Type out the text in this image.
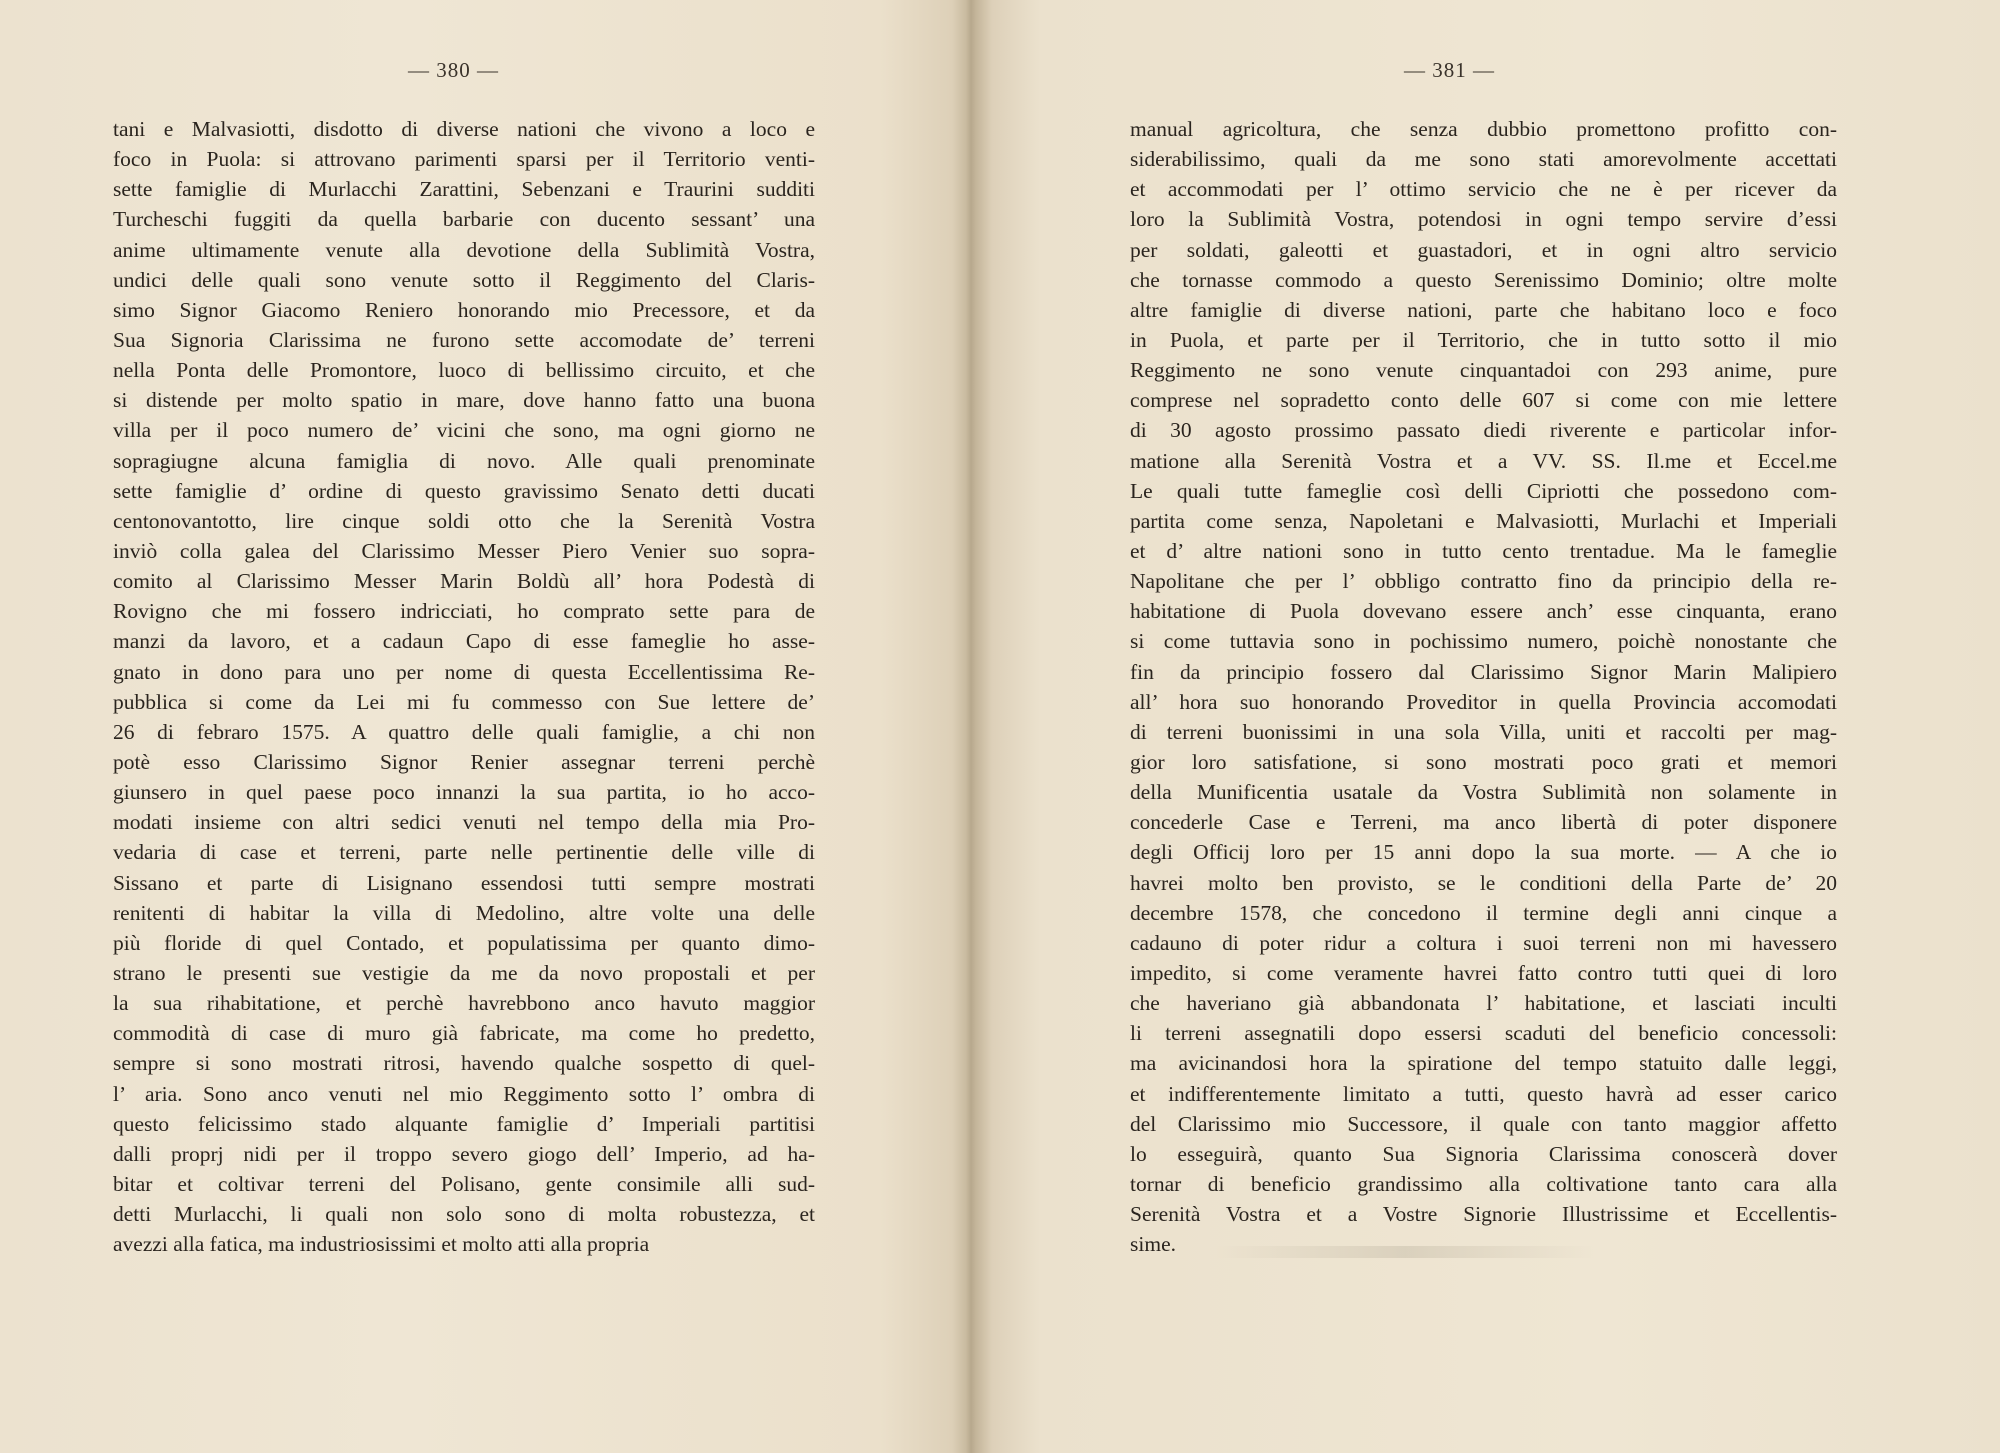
— 380 —
tani e Malvasiotti, disdotto di diverse nationi che vivono a loco e
foco in Puola: si attrovano parimenti sparsi per il Territorio venti-
sette famiglie di Murlacchi Zarattini, Sebenzani e Traurini sudditi
Turcheschi fuggiti da quella barbarie con ducento sessant’ una
anime ultimamente venute alla devotione della Sublimità Vostra,
undici delle quali sono venute sotto il Reggimento del Claris-
simo Signor Giacomo Reniero honorando mio Precessore, et da
Sua Signoria Clarissima ne furono sette accomodate de’ terreni
nella Ponta delle Promontore, luoco di bellissimo circuito, et che
si distende per molto spatio in mare, dove hanno fatto una buona
villa per il poco numero de’ vicini che sono, ma ogni giorno ne
sopragiugne alcuna famiglia di novo. Alle quali prenominate
sette famiglie d’ ordine di questo gravissimo Senato detti ducati
centonovantotto, lire cinque soldi otto che la Serenità Vostra
inviò colla galea del Clarissimo Messer Piero Venier suo sopra-
comito al Clarissimo Messer Marin Boldù all’ hora Podestà di
Rovigno che mi fossero indricciati, ho comprato sette para de
manzi da lavoro, et a cadaun Capo di esse fameglie ho asse-
gnato in dono para uno per nome di questa Eccellentissima Re-
pubblica si come da Lei mi fu commesso con Sue lettere de’
26 di febraro 1575. A quattro delle quali famiglie, a chi non
potè esso Clarissimo Signor Renier assegnar terreni perchè
giunsero in quel paese poco innanzi la sua partita, io ho acco-
modati insieme con altri sedici venuti nel tempo della mia Pro-
vedaria di case et terreni, parte nelle pertinentie delle ville di
Sissano et parte di Lisignano essendosi tutti sempre mostrati
renitenti di habitar la villa di Medolino, altre volte una delle
più floride di quel Contado, et populatissima per quanto dimo-
strano le presenti sue vestigie da me da novo propostali et per
la sua rihabitatione, et perchè havrebbono anco havuto maggior
commodità di case di muro già fabricate, ma come ho predetto,
sempre si sono mostrati ritrosi, havendo qualche sospetto di quel-
l’ aria. Sono anco venuti nel mio Reggimento sotto l’ ombra di
questo felicissimo stado alquante famiglie d’ Imperiali partitisi
dalli proprj nidi per il troppo severo giogo dell’ Imperio, ad ha-
bitar et coltivar terreni del Polisano, gente consimile alli sud-
detti Murlacchi, li quali non solo sono di molta robustezza, et
avezzi alla fatica, ma industriosissimi et molto atti alla propria
— 381 —
manual agricoltura, che senza dubbio promettono profitto con-
siderabilissimo, quali da me sono stati amorevolmente accettati
et accommodati per l’ ottimo servicio che ne è per ricever da
loro la Sublimità Vostra, potendosi in ogni tempo servire d’essi
per soldati, galeotti et guastadori, et in ogni altro servicio
che tornasse commodo a questo Serenissimo Dominio; oltre molte
altre famiglie di diverse nationi, parte che habitano loco e foco
in Puola, et parte per il Territorio, che in tutto sotto il mio
Reggimento ne sono venute cinquantadoi con 293 anime, pure
comprese nel sopradetto conto delle 607 si come con mie lettere
di 30 agosto prossimo passato diedi riverente e particolar infor-
matione alla Serenità Vostra et a VV. SS. Il.me et Eccel.me
Le quali tutte fameglie così delli Cipriotti che possedono com-
partita come senza, Napoletani e Malvasiotti, Murlachi et Imperiali
et d’ altre nationi sono in tutto cento trentadue. Ma le fameglie
Napolitane che per l’ obbligo contratto fino da principio della re-
habitatione di Puola dovevano essere anch’ esse cinquanta, erano
si come tuttavia sono in pochissimo numero, poichè nonostante che
fin da principio fossero dal Clarissimo Signor Marin Malipiero
all’ hora suo honorando Proveditor in quella Provincia accomodati
di terreni buonissimi in una sola Villa, uniti et raccolti per mag-
gior loro satisfatione, si sono mostrati poco grati et memori
della Munificentia usatale da Vostra Sublimità non solamente in
concederle Case e Terreni, ma anco libertà di poter disponere
degli Officij loro per 15 anni dopo la sua morte. — A che io
havrei molto ben provisto, se le conditioni della Parte de’ 20
decembre 1578, che concedono il termine degli anni cinque a
cadauno di poter ridur a coltura i suoi terreni non mi havessero
impedito, si come veramente havrei fatto contro tutti quei di loro
che haveriano già abbandonata l’ habitatione, et lasciati inculti
li terreni assegnatili dopo essersi scaduti del beneficio concessoli:
ma avicinandosi hora la spiratione del tempo statuito dalle leggi,
et indifferentemente limitato a tutti, questo havrà ad esser carico
del Clarissimo mio Successore, il quale con tanto maggior affetto
lo esseguirà, quanto Sua Signoria Clarissima conoscerà dover
tornar di beneficio grandissimo alla coltivatione tanto cara alla
Serenità Vostra et a Vostre Signorie Illustrissime et Eccellentis-
sime.
